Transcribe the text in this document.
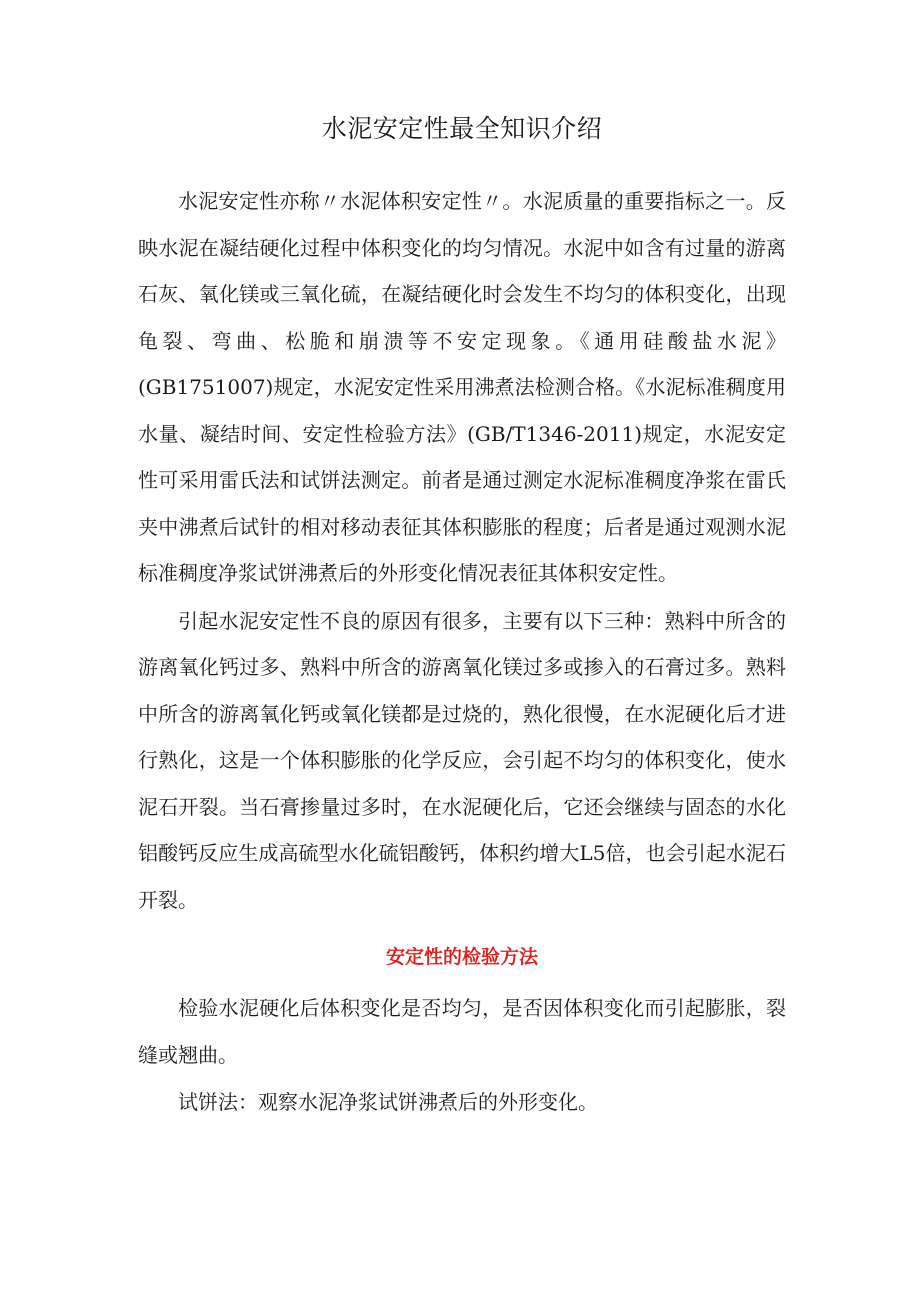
水泥安定性最全知识介绍

水泥安定性亦称〃水泥体积安定性〃。水泥质量的重要指标之一。反映水泥在凝结硬化过程中体积变化的均匀情况。水泥中如含有过量的游离石灰、氧化镁或三氧化硫，在凝结硬化时会发生不均匀的体积变化，出现龟裂、弯曲、松脆和崩溃等不安定现象。《通用硅酸盐水泥》(GB1751007)规定，水泥安定性采用沸煮法检测合格。《水泥标准稠度用水量、凝结时间、安定性检验方法》(GB/T1346-2011)规定，水泥安定性可采用雷氏法和试饼法测定。前者是通过测定水泥标准稠度净浆在雷氏夹中沸煮后试针的相对移动表征其体积膨胀的程度；后者是通过观测水泥标准稠度净浆试饼沸煮后的外形变化情况表征其体积安定性。

引起水泥安定性不良的原因有很多，主要有以下三种：熟料中所含的游离氧化钙过多、熟料中所含的游离氧化镁过多或掺入的石膏过多。熟料中所含的游离氧化钙或氧化镁都是过烧的，熟化很慢，在水泥硬化后才进行熟化，这是一个体积膨胀的化学反应，会引起不均匀的体积变化，使水泥石开裂。当石膏掺量过多时，在水泥硬化后，它还会继续与固态的水化铝酸钙反应生成高硫型水化硫铝酸钙，体积约增大L5倍，也会引起水泥石开裂。

安定性的检验方法

检验水泥硬化后体积变化是否均匀，是否因体积变化而引起膨胀，裂缝或翘曲。

试饼法：观察水泥净浆试饼沸煮后的外形变化。
